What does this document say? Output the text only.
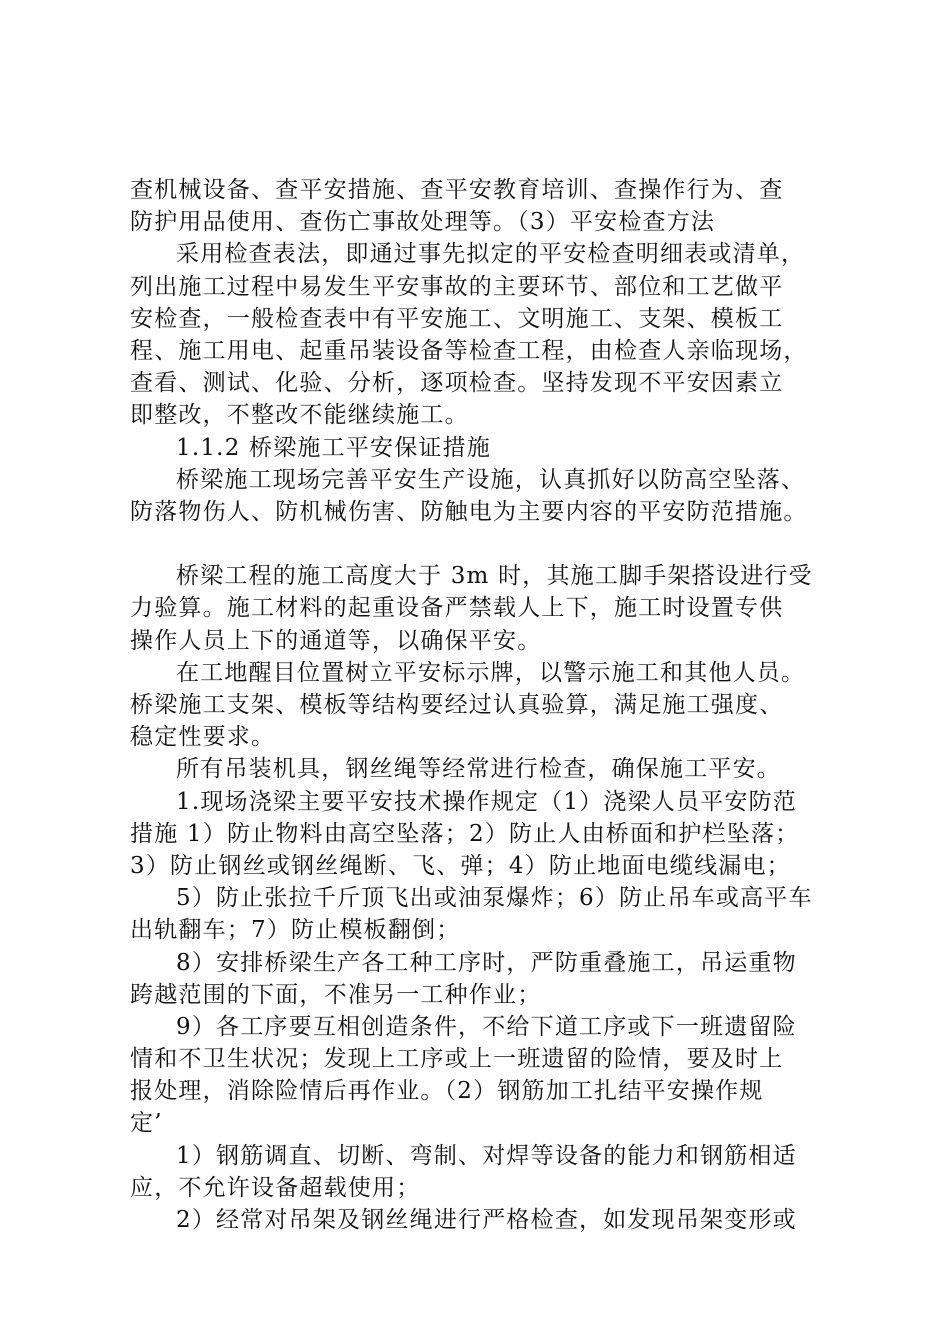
查机械设备、查平安措施、查平安教育培训、查操作行为、查
防护用品使用、查伤亡事故处理等。（3）平安检查方法
采用检查表法，即通过事先拟定的平安检查明细表或清单，
列出施工过程中易发生平安事故的主要环节、部位和工艺做平
安检查，一般检查表中有平安施工、文明施工、支架、模板工
程、施工用电、起重吊装设备等检查工程，由检查人亲临现场，
查看、测试、化验、分析，逐项检查。坚持发现不平安因素立
即整改，不整改不能继续施工。
1.1.2 桥梁施工平安保证措施
桥梁施工现场完善平安生产设施，认真抓好以防高空坠落、
防落物伤人、防机械伤害、防触电为主要内容的平安防范措施。
桥梁工程的施工高度大于 3m 时，其施工脚手架搭设进行受
力验算。施工材料的起重设备严禁载人上下，施工时设置专供
操作人员上下的通道等，以确保平安。
在工地醒目位置树立平安标示牌，以警示施工和其他人员。
桥梁施工支架、模板等结构要经过认真验算，满足施工强度、
稳定性要求。
所有吊装机具，钢丝绳等经常进行检查，确保施工平安。
1.现场浇梁主要平安技术操作规定（1）浇梁人员平安防范
措施 1）防止物料由高空坠落；2）防止人由桥面和护栏坠落；
3）防止钢丝或钢丝绳断、飞、弹；4）防止地面电缆线漏电；
5）防止张拉千斤顶飞出或油泵爆炸；6）防止吊车或高平车
出轨翻车；7）防止模板翻倒；
8）安排桥梁生产各工种工序时，严防重叠施工，吊运重物
跨越范围的下面，不准另一工种作业；
9）各工序要互相创造条件，不给下道工序或下一班遗留险
情和不卫生状况；发现上工序或上一班遗留的险情，要及时上
报处理，消除险情后再作业。（2）钢筋加工扎结平安操作规
定’
1）钢筋调直、切断、弯制、对焊等设备的能力和钢筋相适
应，不允许设备超载使用；
2）经常对吊架及钢丝绳进行严格检查，如发现吊架变形或
